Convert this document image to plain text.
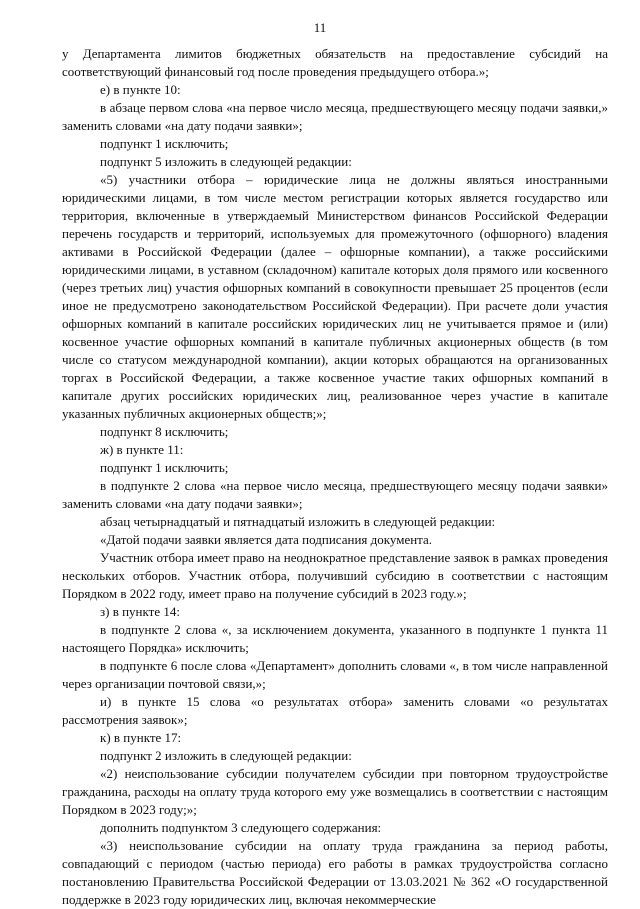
11

у Департамента лимитов бюджетных обязательств на предоставление субсидий на соответствующий финансовый год после проведения предыдущего отбора.»;

е) в пункте 10:

в абзаце первом слова «на первое число месяца, предшествующего месяцу подачи заявки,» заменить словами «на дату подачи заявки»;

подпункт 1 исключить;

подпункт 5 изложить в следующей редакции:

«5) участники отбора – юридические лица не должны являться иностранными юридическими лицами, в том числе местом регистрации которых является государство или территория, включенные в утверждаемый Министерством финансов Российской Федерации перечень государств и территорий, используемых для промежуточного (офшорного) владения активами в Российской Федерации (далее – офшорные компании), а также российскими юридическими лицами, в уставном (складочном) капитале которых доля прямого или косвенного (через третьих лиц) участия офшорных компаний в совокупности превышает 25 процентов (если иное не предусмотрено законодательством Российской Федерации). При расчете доли участия офшорных компаний в капитале российских юридических лиц не учитывается прямое и (или) косвенное участие офшорных компаний в капитале публичных акционерных обществ (в том числе со статусом международной компании), акции которых обращаются на организованных торгах в Российской Федерации, а также косвенное участие таких офшорных компаний в капитале других российских юридических лиц, реализованное через участие в капитале указанных публичных акционерных обществ;»;

подпункт 8 исключить;

ж) в пункте 11:

подпункт 1 исключить;

в подпункте 2 слова «на первое число месяца, предшествующего месяцу подачи заявки» заменить словами «на дату подачи заявки»;

абзац четырнадцатый и пятнадцатый изложить в следующей редакции:

«Датой подачи заявки является дата подписания документа.

Участник отбора имеет право на неоднократное представление заявок в рамках проведения нескольких отборов. Участник отбора, получивший субсидию в соответствии с настоящим Порядком в 2022 году, имеет право на получение субсидий в 2023 году.»;

з) в пункте 14:

в подпункте 2 слова «, за исключением документа, указанного в подпункте 1 пункта 11 настоящего Порядка» исключить;

в подпункте 6 после слова «Департамент» дополнить словами «, в том числе направленной через организации почтовой связи,»;

и) в пункте 15 слова «о результатах отбора» заменить словами «о результатах рассмотрения заявок»;

к) в пункте 17:

подпункт 2 изложить в следующей редакции:

«2) неиспользование субсидии получателем субсидии при повторном трудоустройстве гражданина, расходы на оплату труда которого ему уже возмещались в соответствии с настоящим Порядком в 2023 году;»;

дополнить подпунктом 3 следующего содержания:

«3) неиспользование субсидии на оплату труда гражданина за период работы, совпадающий с периодом (частью периода) его работы в рамках трудоустройства согласно постановлению Правительства Российской Федерации от 13.03.2021 № 362 «О государственной поддержке в 2023 году юридических лиц, включая некоммерческие
